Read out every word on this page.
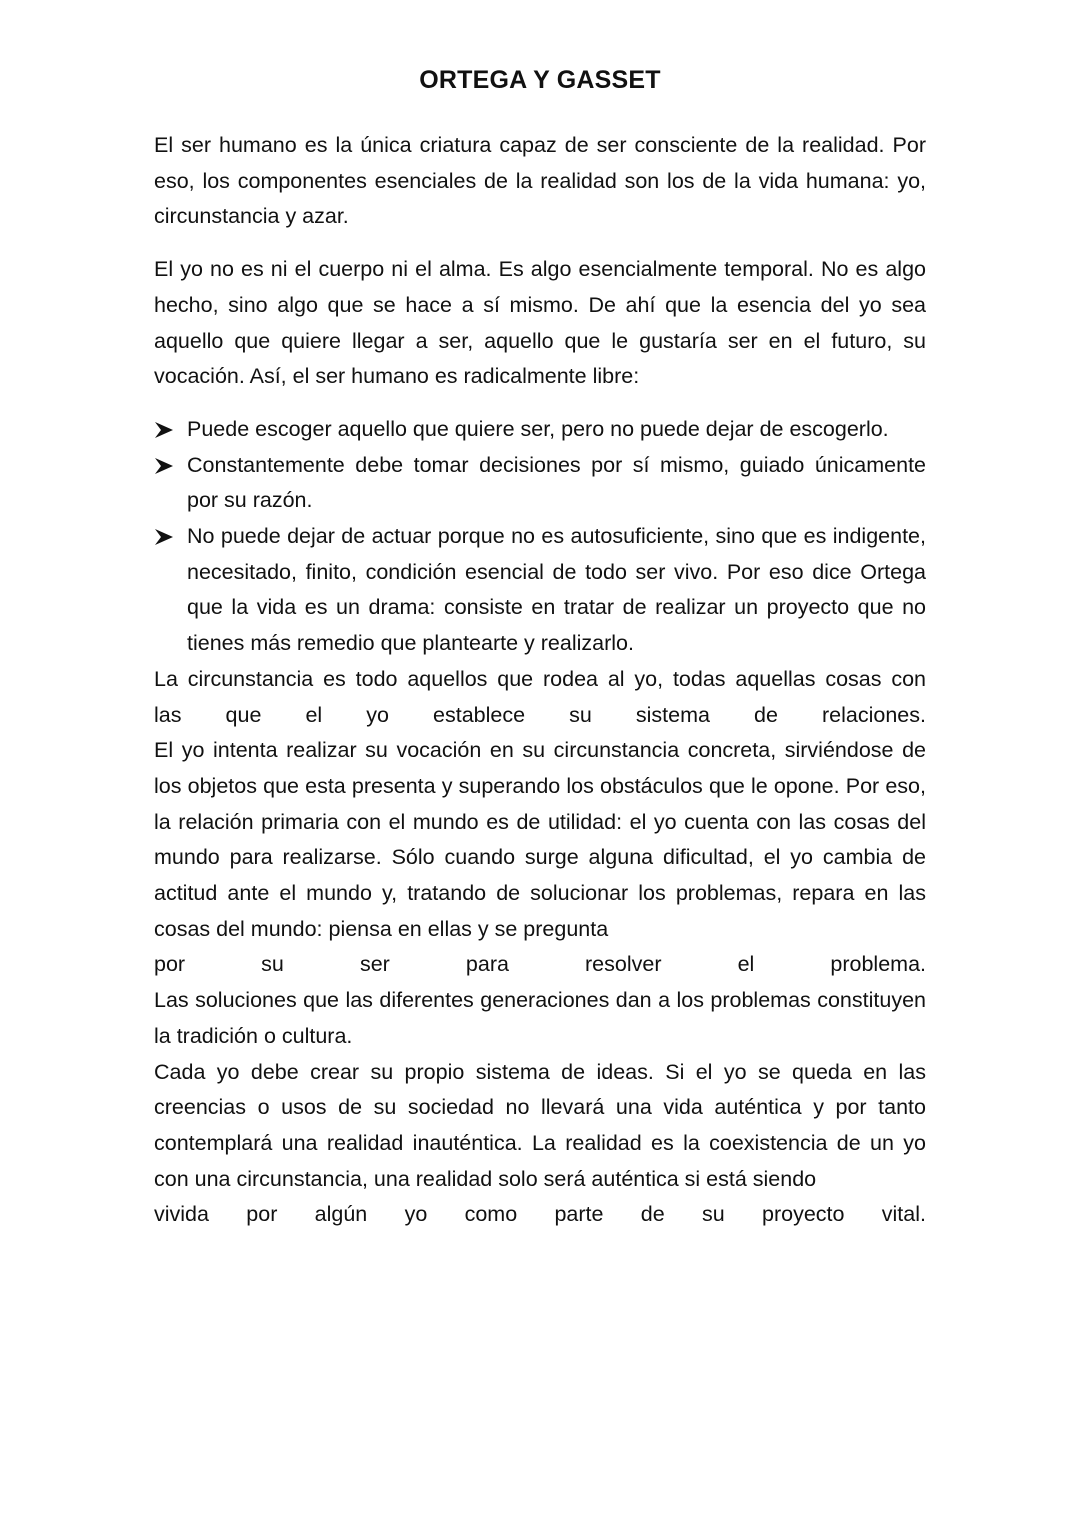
ORTEGA Y GASSET

El ser humano es la única criatura capaz de ser consciente de la realidad. Por eso, los componentes esenciales de la realidad son los de la vida humana: yo, circunstancia y azar.

El yo no es ni el cuerpo ni el alma. Es algo esencialmente temporal. No es algo hecho, sino algo que se hace a sí mismo. De ahí que la esencia del yo sea aquello que quiere llegar a ser, aquello que le gustaría ser en el futuro, su vocación. Así, el ser humano es radicalmente libre:

Puede escoger aquello que quiere ser, pero no puede dejar de escogerlo.
Constantemente debe tomar decisiones por sí mismo, guiado únicamente por su razón.
No puede dejar de actuar porque no es autosuficiente, sino que es indigente, necesitado, finito, condición esencial de todo ser vivo. Por eso dice Ortega que la vida es un drama: consiste en tratar de realizar un proyecto que no tienes más remedio que plantearte y realizarlo.
La circunstancia es todo aquellos que rodea al yo, todas aquellas cosas con
las que el yo establece su sistema de relaciones.
El yo intenta realizar su vocación en su circunstancia concreta, sirviéndose de los objetos que esta presenta y superando los obstáculos que le opone. Por eso, la relación primaria con el mundo es de utilidad: el yo cuenta con las cosas del mundo para realizarse. Sólo cuando surge alguna dificultad, el yo cambia de actitud ante el mundo y, tratando de solucionar los problemas, repara en las cosas del mundo: piensa en ellas y se pregunta
por su ser para resolver el problema.
Las soluciones que las diferentes generaciones dan a los problemas constituyen la tradición o cultura.
Cada yo debe crear su propio sistema de ideas. Si el yo se queda en las creencias o usos de su sociedad no llevará una vida auténtica y por tanto contemplará una realidad inauténtica. La realidad es la coexistencia de un yo con una circunstancia, una realidad solo será auténtica si está siendo
vivida por algún yo como parte de su proyecto vital.
